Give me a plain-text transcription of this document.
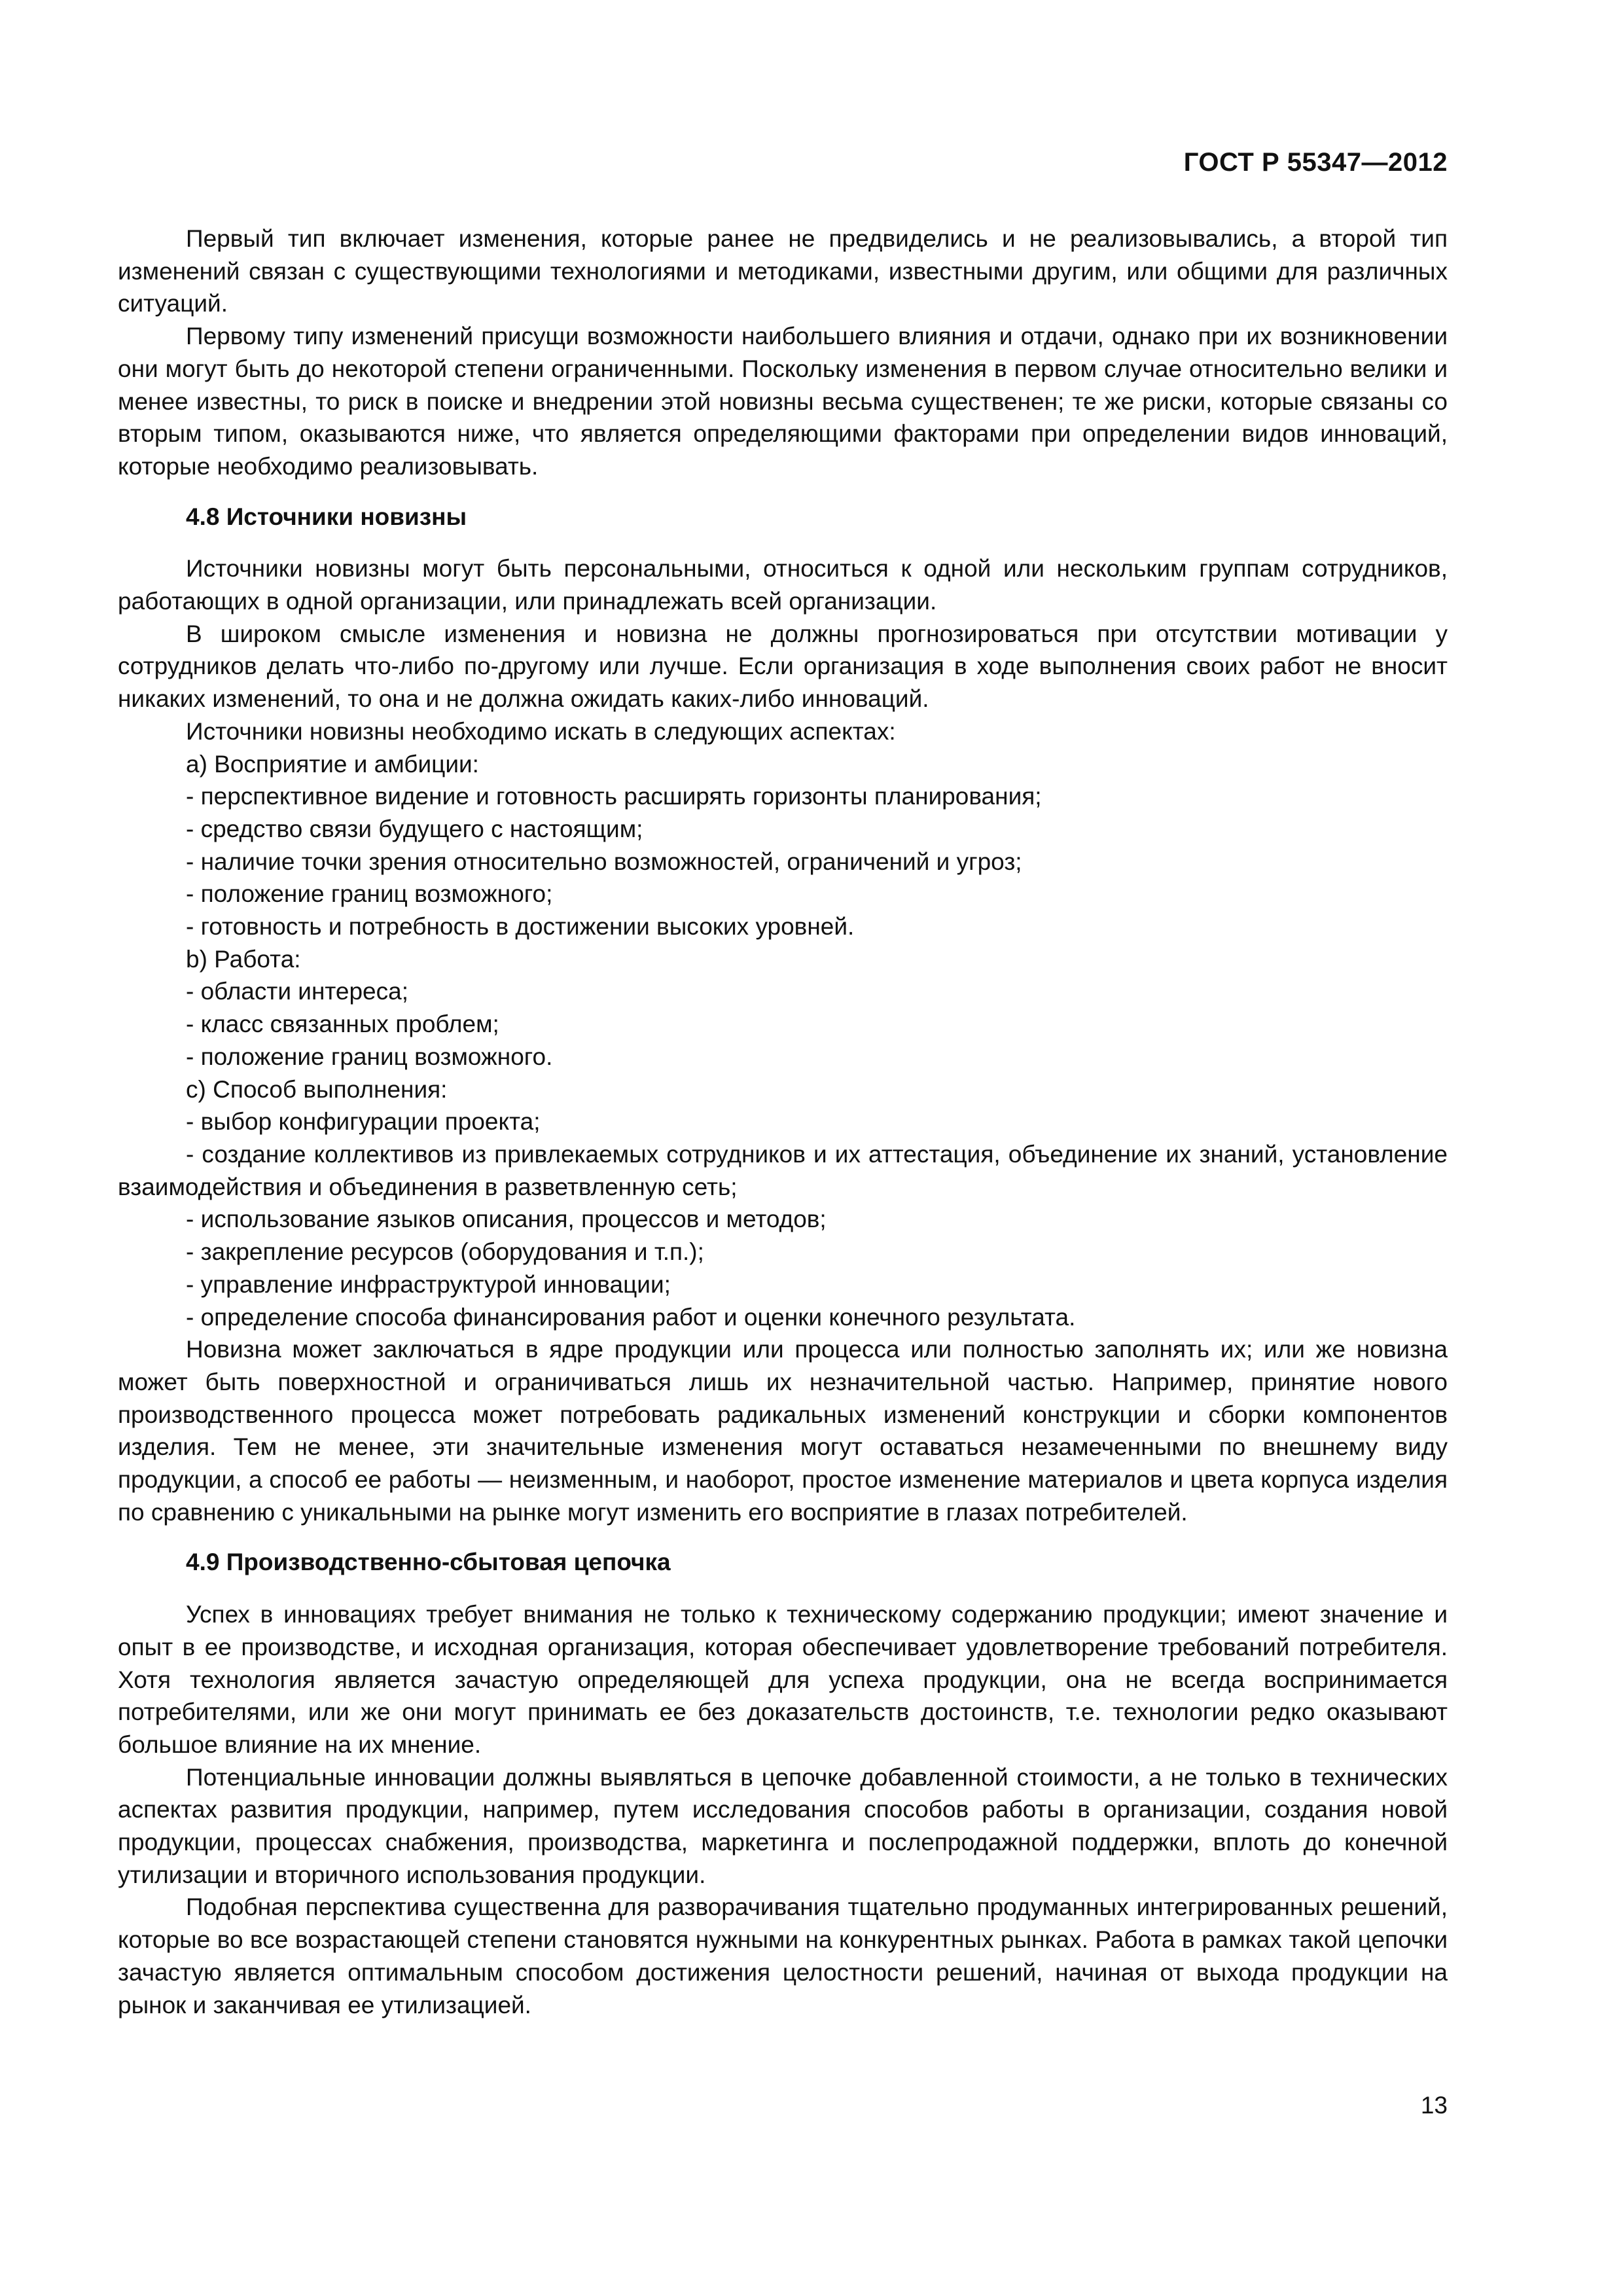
ГОСТ Р 55347—2012

Первый тип включает изменения, которые ранее не предвиделись и не реализовывались, а второй тип изменений связан с существующими технологиями и методиками, известными другим, или общими для различных ситуаций.

Первому типу изменений присущи возможности наибольшего влияния и отдачи, однако при их возникновении они могут быть до некоторой степени ограниченными. Поскольку изменения в первом случае относительно велики и менее известны, то риск в поиске и внедрении этой новизны весьма существенен; те же риски, которые связаны со вторым типом, оказываются ниже, что является определяющими факторами при определении видов инноваций, которые необходимо реализовывать.

4.8 Источники новизны

Источники новизны могут быть персональными, относиться к одной или нескольким группам сотрудников, работающих в одной организации, или принадлежать всей организации.

В широком смысле изменения и новизна не должны прогнозироваться при отсутствии мотивации у сотрудников делать что-либо по-другому или лучше. Если организация в ходе выполнения своих работ не вносит никаких изменений, то она и не должна ожидать каких-либо инноваций.

Источники новизны необходимо искать в следующих аспектах:

а) Восприятие и амбиции:

- перспективное видение и готовность расширять горизонты планирования;

- средство связи будущего с настоящим;

- наличие точки зрения относительно возможностей, ограничений и угроз;

- положение границ возможного;

- готовность и потребность в достижении высоких уровней.

b) Работа:

- области интереса;

- класс связанных проблем;

- положение границ возможного.

с) Способ выполнения:

- выбор конфигурации проекта;

- создание коллективов из привлекаемых сотрудников и их аттестация, объединение их знаний, установление взаимодействия и объединения в разветвленную сеть;

- использование языков описания, процессов и методов;

- закрепление ресурсов (оборудования и т.п.);

- управление инфраструктурой инновации;

- определение способа финансирования работ и оценки конечного результата.

Новизна может заключаться в ядре продукции или процесса или полностью заполнять их; или же новизна может быть поверхностной и ограничиваться лишь их незначительной частью. Например, принятие нового производственного процесса может потребовать радикальных изменений конструкции и сборки компонентов изделия. Тем не менее, эти значительные изменения могут оставаться незамеченными по внешнему виду продукции, а способ ее работы — неизменным, и наоборот, простое изменение материалов и цвета корпуса изделия по сравнению с уникальными на рынке могут изменить его восприятие в глазах потребителей.

4.9 Производственно-сбытовая цепочка

Успех в инновациях требует внимания не только к техническому содержанию продукции; имеют значение и опыт в ее производстве, и исходная организация, которая обеспечивает удовлетворение требований потребителя. Хотя технология является зачастую определяющей для успеха продукции, она не всегда воспринимается потребителями, или же они могут принимать ее без доказательств достоинств, т.е. технологии редко оказывают большое влияние на их мнение.

Потенциальные инновации должны выявляться в цепочке добавленной стоимости, а не только в технических аспектах развития продукции, например, путем исследования способов работы в организации, создания новой продукции, процессах снабжения, производства, маркетинга и послепродажной поддержки, вплоть до конечной утилизации и вторичного использования продукции.

Подобная перспектива существенна для разворачивания тщательно продуманных интегрированных решений, которые во все возрастающей степени становятся нужными на конкурентных рынках. Работа в рамках такой цепочки зачастую является оптимальным способом достижения целостности решений, начиная от выхода продукции на рынок и заканчивая ее утилизацией.

13
